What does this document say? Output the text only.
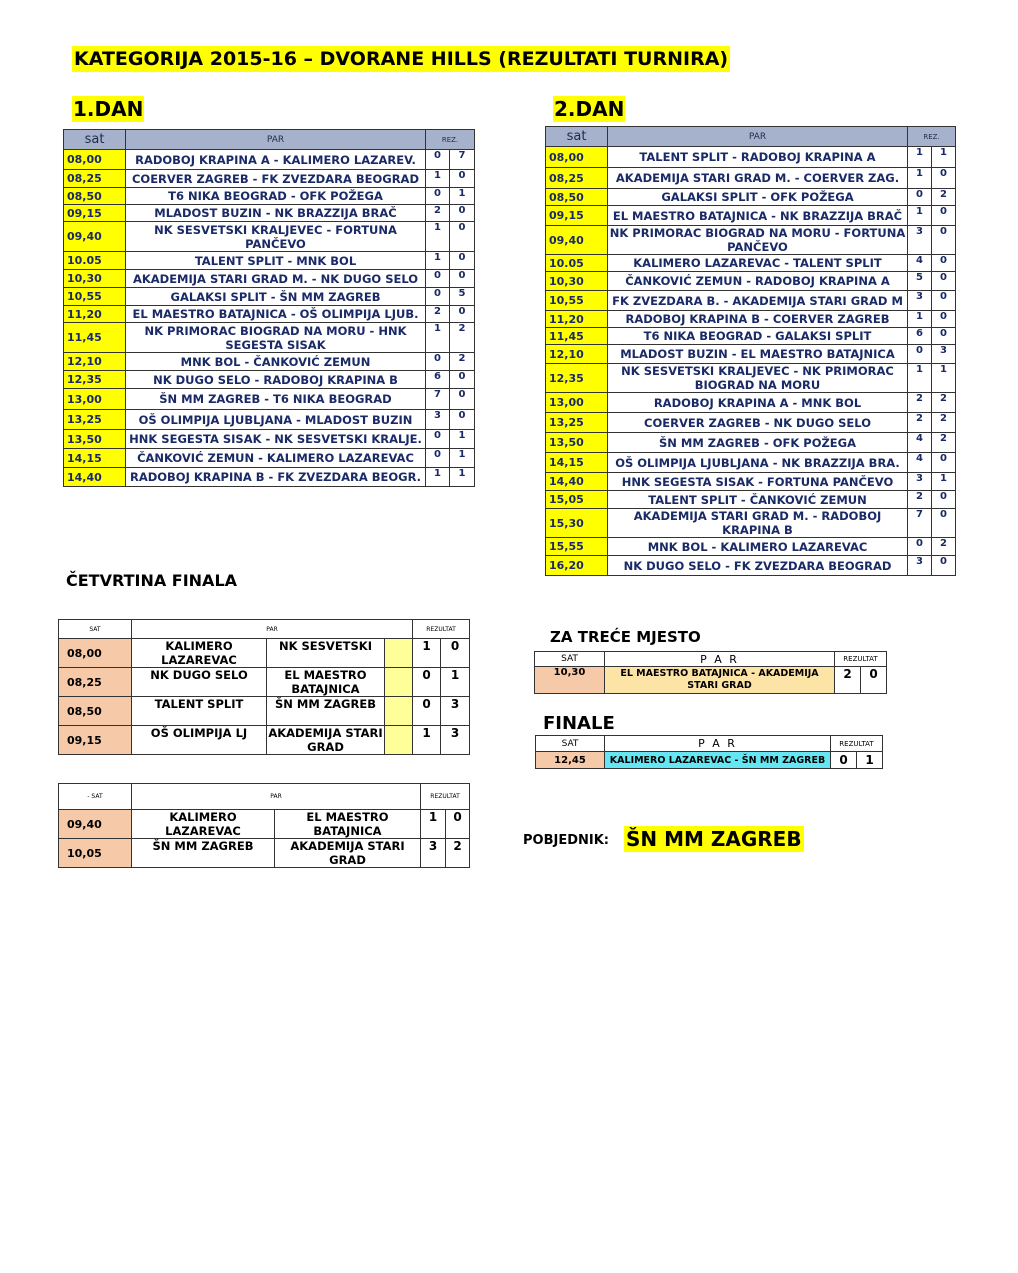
KATEGORIJA 2015-16 – DVORANE HILLS (REZULTATI TURNIRA)
1.DAN	2.DAN
sat	PAR	REZ.	
08,00	RADOBOJ KRAPINA A - KALIMERO LAZAREV.	0	7
08,25	COERVER ZAGREB - FK ZVEZDARA BEOGRAD	1	0
08,50	T6 NIKA BEOGRAD - OFK POŽEGA	0	1
09,15	MLADOST BUZIN - NK BRAZZIJA BRAČ	2	0
09,40	NK SESVETSKI KRALJEVEC - FORTUNA PANČEVO	1	0
10.05	TALENT SPLIT - MNK BOL	1	0
10,30	AKADEMIJA STARI GRAD M. - NK DUGO SELO	0	0
10,55	GALAKSI SPLIT - ŠN MM ZAGREB	0	5
11,20	EL MAESTRO BATAJNICA - OŠ OLIMPIJA LJUB.	2	0
11,45	NK PRIMORAC BIOGRAD NA MORU - HNK SEGESTA SISAK	1	2
12,10	MNK BOL - ČANKOVIĆ ZEMUN	0	2
12,35	NK DUGO SELO - RADOBOJ KRAPINA B	6	0
13,00	ŠN MM ZAGREB - T6 NIKA BEOGRAD	7	0
13,25	OŠ OLIMPIJA LJUBLJANA - MLADOST BUZIN	3	0
13,50	HNK SEGESTA SISAK - NK SESVETSKI KRALJE.	0	1
14,15	ČANKOVIĆ ZEMUN - KALIMERO LAZAREVAC	0	1
14,40	RADOBOJ KRAPINA B - FK ZVEZDARA BEOGR.	1	1
sat	PAR	REZ.	
08,00	TALENT SPLIT - RADOBOJ KRAPINA A	1	1
08,25	AKADEMIJA STARI GRAD M. - COERVER ZAG.	1	0
08,50	GALAKSI SPLIT - OFK POŽEGA	0	2
09,15	EL MAESTRO BATAJNICA - NK BRAZZIJA BRAČ	1	0
09,40	NK PRIMORAC BIOGRAD NA MORU - FORTUNA PANČEVO	3	0
10.05	KALIMERO LAZAREVAC - TALENT SPLIT	4	0
10,30	ČANKOVIĆ ZEMUN - RADOBOJ KRAPINA A	5	0
10,55	FK ZVEZDARA B. - AKADEMIJA STARI GRAD M	3	0
11,20	RADOBOJ KRAPINA B - COERVER ZAGREB	1	0
11,45	T6 NIKA BEOGRAD - GALAKSI SPLIT	6	0
12,10	MLADOST BUZIN - EL MAESTRO BATAJNICA	0	3
12,35	NK SESVETSKI KRALJEVEC - NK PRIMORAC BIOGRAD NA MORU	1	1
13,00	RADOBOJ KRAPINA A - MNK BOL	2	2
13,25	COERVER ZAGREB - NK DUGO SELO	2	2
13,50	ŠN MM ZAGREB - OFK POŽEGA	4	2
14,15	OŠ OLIMPIJA LJUBLJANA - NK BRAZZIJA BRA.	4	0
14,40	HNK SEGESTA SISAK - FORTUNA PANČEVO	3	1
15,05	TALENT SPLIT - ČANKOVIĆ ZEMUN	2	0
15,30	AKADEMIJA STARI GRAD M. - RADOBOJ KRAPINA B	7	0
15,55	MNK BOL - KALIMERO LAZAREVAC	0	2
16,20	NK DUGO SELO - FK ZVEZDARA BEOGRAD	3	0
ČETVRTINA FINALA
SAT	PAR			REZULTAT	
08,00	KALIMERO LAZAREVAC	NK SESVETSKI		1	0
08,25	NK DUGO SELO	EL MAESTRO BATAJNICA		0	1
08,50	TALENT SPLIT	ŠN MM ZAGREB		0	3
09,15	OŠ OLIMPIJA LJ	AKADEMIJA STARI GRAD		1	3
- SAT	PAR		REZULTAT	
09,40	KALIMERO LAZAREVAC	EL MAESTRO BATAJNICA	1	0
10,05	ŠN MM ZAGREB	AKADEMIJA STARI GRAD	3	2
ZA TREĆE MJESTO
SAT	P A R	REZULTAT	
10,30	EL MAESTRO BATAJNICA - AKADEMIJA STARI GRAD	2	0
FINALE
SAT	P A R	REZULTAT	
12,45	KALIMERO LAZAREVAC - ŠN MM ZAGREB	0	1
POBJEDNIK: ŠN MM ZAGREB
